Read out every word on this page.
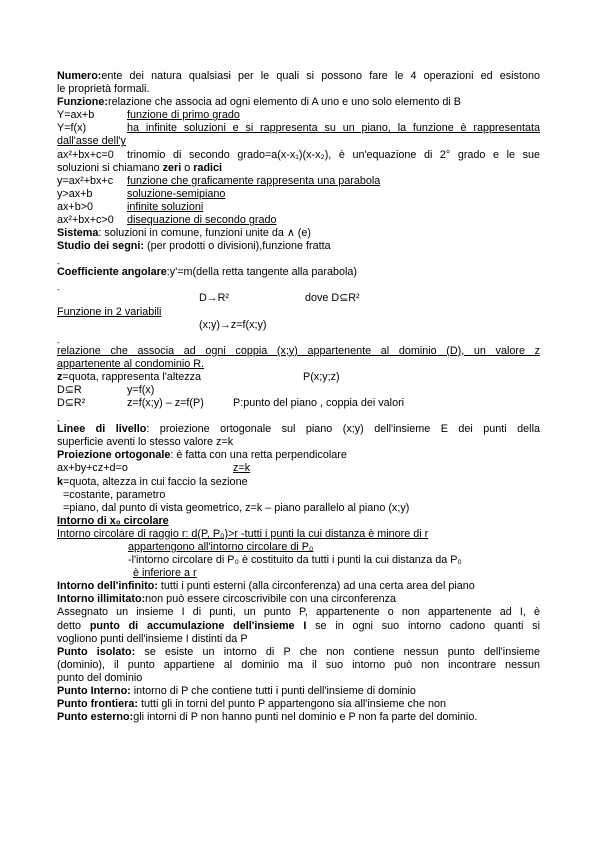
Numero:ente dei natura qualsiasi per le quali si possono fare le 4 operazioni ed esistono
le proprietà formali.
Funzione:relazione che associa ad ogni elemento di A uno e uno solo elemento di B
Y=ax+b	funzione di primo grado
Y=f(x)	ha infinite soluzioni e si rappresenta su un piano, la funzione è rappresentata
dall'asse dell'y
ax²+bx+c=0 trinomio di secondo grado=a(x-x₁)(x-x₂), è un'equazione di 2° grado e le sue
soluzioni si chiamano zeri o radici
y=ax²+bx+c funzione che graficamente rappresenta una parabola
y>ax+b	soluzione-semipiano
ax+b>0	infinite soluzioni
ax²+bx+c>0 disequazione di secondo grado
Sistema: soluzioni in comune, funzioni unite da ∧ (e)
Studio dei segni: (per prodotti o divisioni),funzione fratta
-
Coefficiente angolare:y'=m(della retta tangente alla parabola)
-
D→R²	dove D⊆R²
Funzione in 2 variabili
(x;y)→z=f(x;y)
-
relazione che associa ad ogni coppia (x;y) appartenente al dominio (D), un valore z
appartenente al condominio R.
z=quota, rappresenta l'altezza	P(x;y;z)
D⊆R	y=f(x)
D⊆R²	z=f(x;y) – z=f(P)	P:punto del piano , coppia dei valori
-
Linee di livello: proiezione ortogonale sul piano (x;y) dell'insieme E dei punti della
superficie aventi lo stesso valore z=k
Proiezione ortogonale: è fatta con una retta perpendicolare
ax+by+cz+d=o	z=k
k=quota, altezza in cui faccio la sezione
=costante, parametro
=piano, dal punto di vista geometrico, z=k – piano parallelo al piano (x;y)
Intorno di x₀ circolare
Intorno circolare di raggio r: d(P, P₀)>r -tutti i punti la cui distanza è minore di r
appartengono all'intorno circolare di P₀
-l'intorno circolare di P₀ è costituito da tutti i punti la cui distanza da P₀
è inferiore a r
Intorno dell'infinito: tutti i punti esterni (alla circonferenza) ad una certa area del piano
Intorno illimitato:non può essere circoscrivibile con una circonferenza
Assegnato un insieme I di punti, un punto P, appartenente o non appartenente ad I, è
detto punto di accumulazione dell'insieme I se in ogni suo intorno cadono quanti si
vogliono punti dell'insieme I distinti da P
Punto isolato: se esiste un intorno di P che non contiene nessun punto dell'insieme
(dominio), il punto appartiene al dominio ma il suo intorno può non incontrare nessun
punto del dominio
Punto Interno: intorno di P che contiene tutti i punti dell'insieme di dominio
Punto frontiera: tutti gli in torni del punto P appartengono sia all'insieme che non
Punto esterno:gli intorni di P non hanno punti nel dominio e P non fa parte del dominio.
